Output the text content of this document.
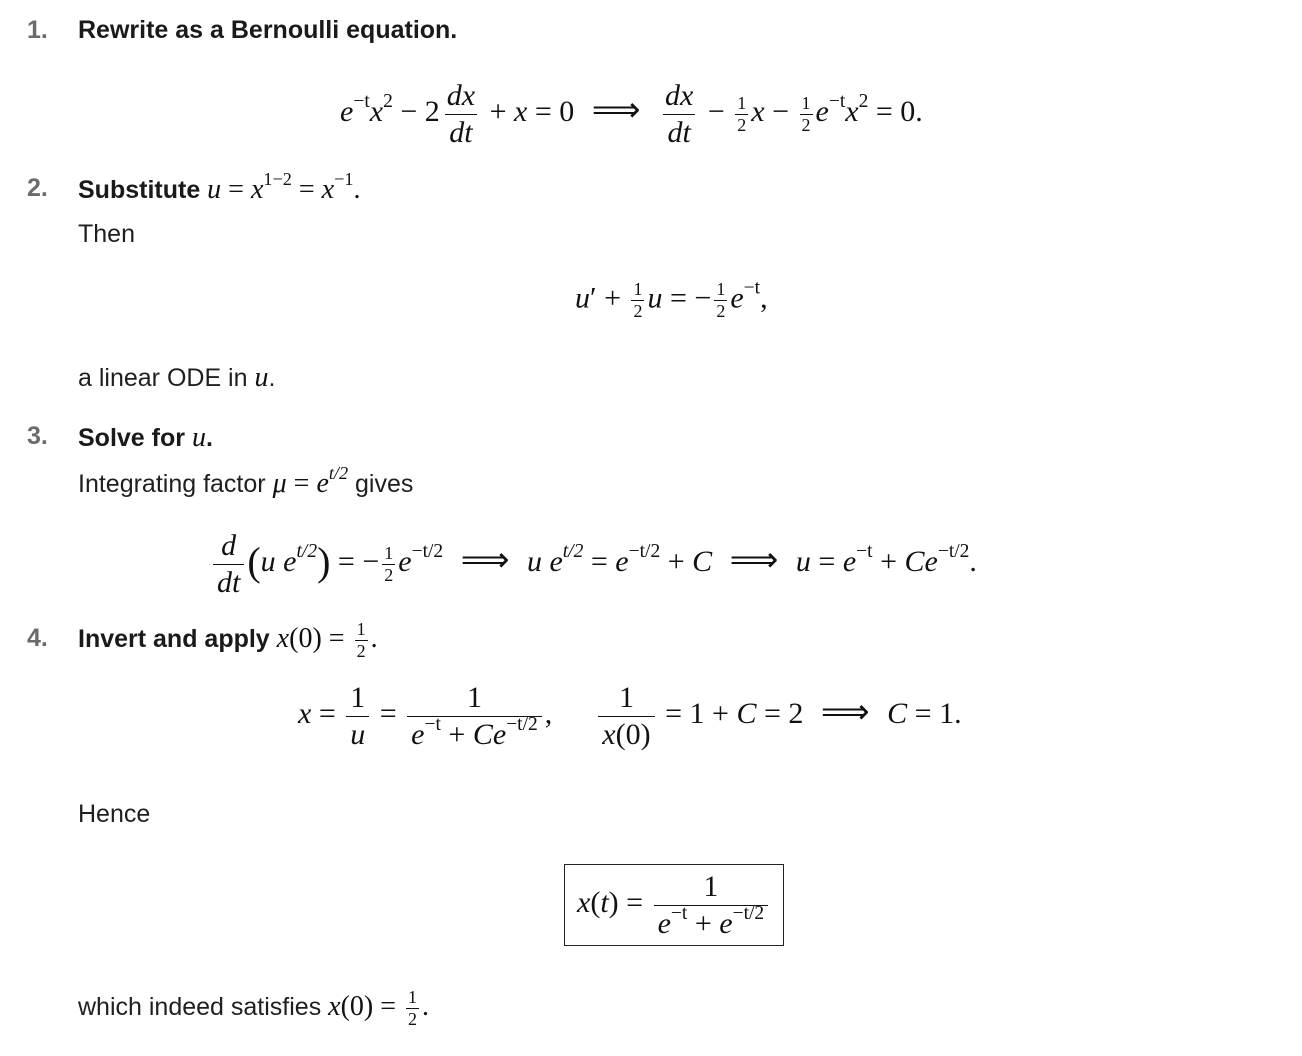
1. Rewrite as a Bernoulli equation.
$e^{-t}x^2 - 2 \frac{dx}{dt} + x = 0$ ⟹ $\frac{dx}{dt} - \frac{1}{2}$ $x - \frac{1}{2} e^{-t}x^2 = 0$.
2. Substitute $u = x^{1-2} = x^{-1}$.
Then
$u' + \frac{1}{2}$ u = − $\frac{1}{2} e^{-t}$,
a linear ODE in u.
3. Solve for u.
Integrating factor $\mu = e^{t/2}$ gives
$\frac{d}{dt} (u$ $e^{t/2}$) = − $\frac{1}{2} e^{-t/2}$ ⟹ u $e^{t/2} = e^{-t/2} + C$ ⟹ $u = e^{-t} + Ce^{-t/2}$.
4. Invert and apply $x(0) = \frac{1}{2}$ .
$x = \frac{1}{u} = \frac{1}{e^{-t} + Ce^{-t/2}}$ , $\frac{1}{x(0)} = 1 + C = 2$ ⟹ C = 1.
Hence
$x(t) = \frac{1}{e^{-t} + e^{-t/2}}$
which indeed satisfies $x(0) = \frac{1}{2}$ .
